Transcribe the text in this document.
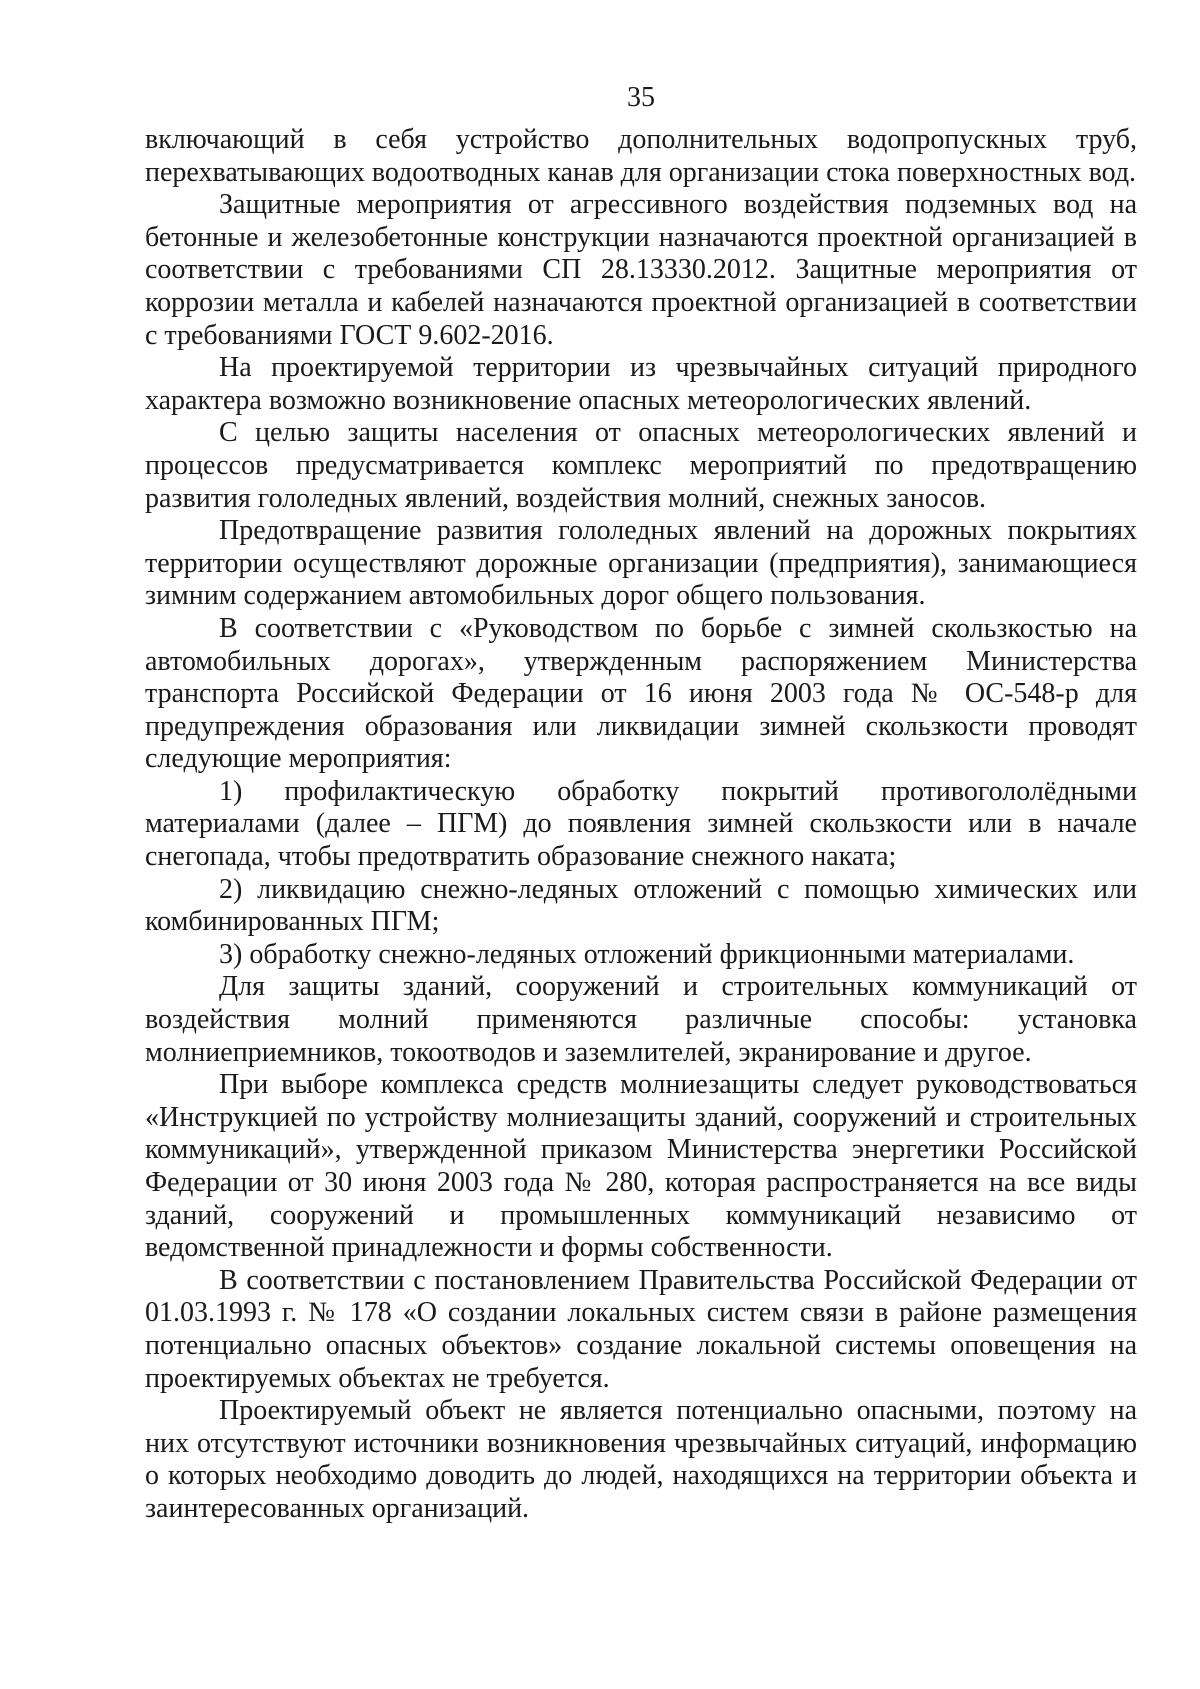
35

включающий в себя устройство дополнительных водопропускных труб, перехватывающих водоотводных канав для организации стока поверхностных вод.

Защитные мероприятия от агрессивного воздействия подземных вод на бетонные и железобетонные конструкции назначаются проектной организацией в соответствии с требованиями СП 28.13330.2012. Защитные мероприятия от коррозии металла и кабелей назначаются проектной организацией в соответствии с требованиями ГОСТ 9.602-2016.

На проектируемой территории из чрезвычайных ситуаций природного характера возможно возникновение опасных метеорологических явлений.

С целью защиты населения от опасных метеорологических явлений и процессов предусматривается комплекс мероприятий по предотвращению развития гололедных явлений, воздействия молний, снежных заносов.

Предотвращение развития гололедных явлений на дорожных покрытиях территории осуществляют дорожные организации (предприятия), занимающиеся зимним содержанием автомобильных дорог общего пользования.

В соответствии с «Руководством по борьбе с зимней скользкостью на автомобильных дорогах», утвержденным распоряжением Министерства транспорта Российской Федерации от 16 июня 2003 года № ОС-548-р для предупреждения образования или ликвидации зимней скользкости проводят следующие мероприятия:

1) профилактическую обработку покрытий противогололёдными материалами (далее – ПГМ) до появления зимней скользкости или в начале снегопада, чтобы предотвратить образование снежного наката;

2) ликвидацию снежно-ледяных отложений с помощью химических или комбинированных ПГМ;

3) обработку снежно-ледяных отложений фрикционными материалами.

Для защиты зданий, сооружений и строительных коммуникаций от воздействия молний применяются различные способы: установка молниеприемников, токоотводов и заземлителей, экранирование и другое.

При выборе комплекса средств молниезащиты следует руководствоваться «Инструкцией по устройству молниезащиты зданий, сооружений и строительных коммуникаций», утвержденной приказом Министерства энергетики Российской Федерации от 30 июня 2003 года № 280, которая распространяется на все виды зданий, сооружений и промышленных коммуникаций независимо от ведомственной принадлежности и формы собственности.

В соответствии с постановлением Правительства Российской Федерации от 01.03.1993 г. № 178 «О создании локальных систем связи в районе размещения потенциально опасных объектов» создание локальной системы оповещения на проектируемых объектах не требуется.

Проектируемый объект не является потенциально опасными, поэтому на них отсутствуют источники возникновения чрезвычайных ситуаций, информацию о которых необходимо доводить до людей, находящихся на территории объекта и заинтересованных организаций.
